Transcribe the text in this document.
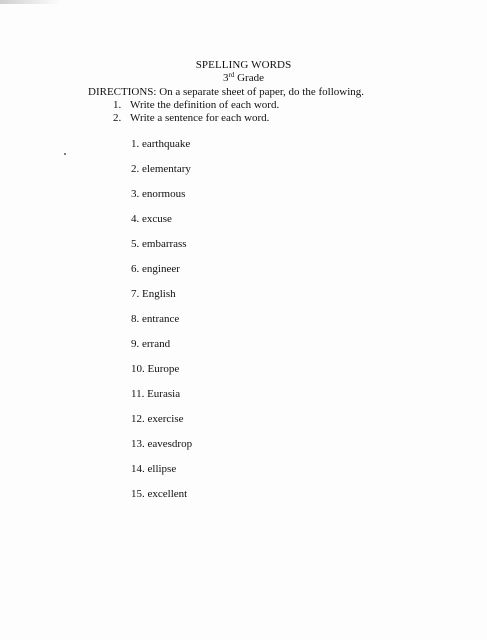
SPELLING WORDS
3rd Grade
DIRECTIONS: On a separate sheet of paper, do the following.
1. Write the definition of each word.
2. Write a sentence for each word.
1. earthquake
2. elementary
3. enormous
4. excuse
5. embarrass
6. engineer
7. English
8. entrance
9. errand
10. Europe
11. Eurasia
12. exercise
13. eavesdrop
14. ellipse
15. excellent
